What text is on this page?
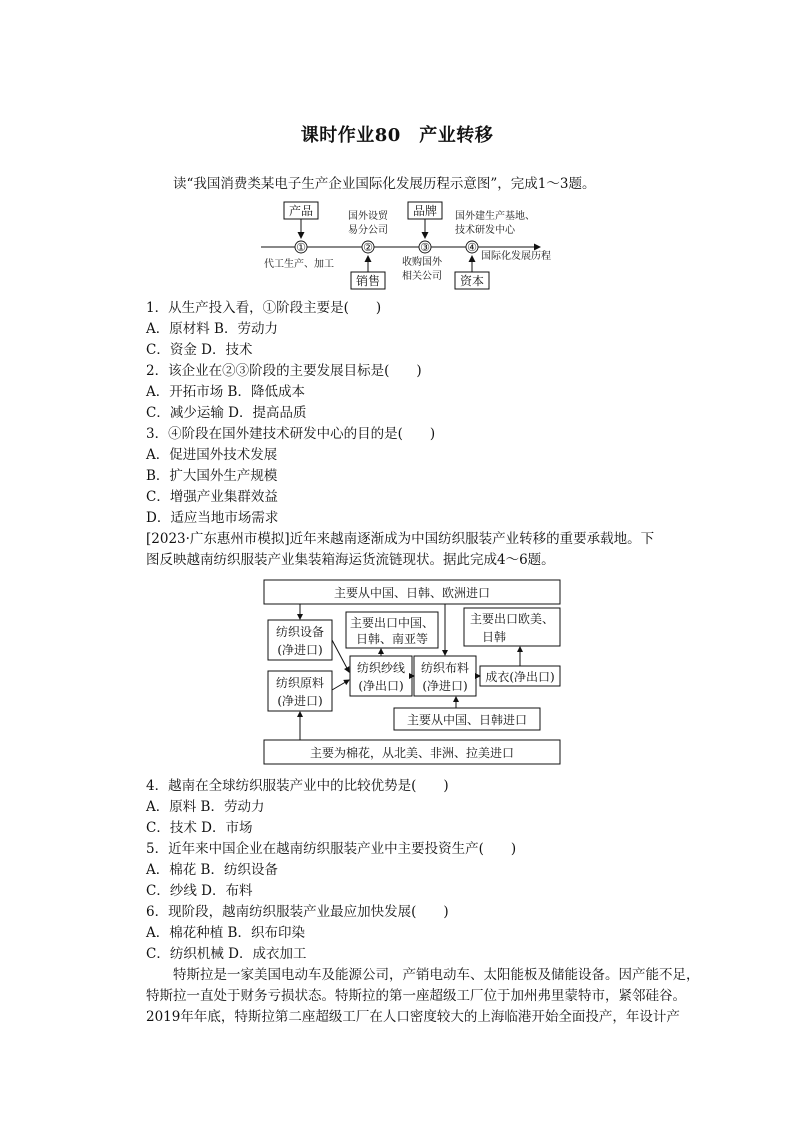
课时作业80　产业转移
读“我国消费类某电子生产企业国际化发展历程示意图”，完成1～3题。
产品	品牌
销售	资本
①	②	③	④
国外设贸
易分公司
国外建生产基地、
技术研发中心
代工生产、加工	收购国外
相关公司
国际化发展历程
1．从生产投入看，①阶段主要是(　　)
A．原材料 B．劳动力
C．资金 D．技术
2．该企业在②③阶段的主要发展目标是(　　)
A．开拓市场 B．降低成本
C．减少运输 D．提高品质
3．④阶段在国外建技术研发中心的目的是(　　)
A．促进国外技术发展
B．扩大国外生产规模
C．增强产业集群效益
D．适应当地市场需求
[2023·广东惠州市模拟]近年来越南逐渐成为中国纺织服装产业转移的重要承载地。下
图反映越南纺织服装产业集装箱海运货流链现状。据此完成4～6题。
主要从中国、日韩、欧洲进口
纺织设备
(净进口)
纺织原料
(净进口)
主要出口中国、
日韩、南亚等
纺织纱线
(净出口)
纺织布料
(净进口)
主要出口欧美、
日韩
成衣(净出口)
主要从中国、日韩进口
主要为棉花，从北美、非洲、拉美进口
4．越南在全球纺织服装产业中的比较优势是(　　)
A．原料 B．劳动力
C．技术 D．市场
5．近年来中国企业在越南纺织服装产业中主要投资生产(　　)
A．棉花 B．纺织设备
C．纱线 D．布料
6．现阶段，越南纺织服装产业最应加快发展(　　)
A．棉花种植 B．织布印染
C．纺织机械 D．成衣加工
特斯拉是一家美国电动车及能源公司，产销电动车、太阳能板及储能设备。因产能不足，
特斯拉一直处于财务亏损状态。特斯拉的第一座超级工厂位于加州弗里蒙特市，紧邻硅谷。
2019年年底，特斯拉第二座超级工厂在人口密度较大的上海临港开始全面投产，年设计产
